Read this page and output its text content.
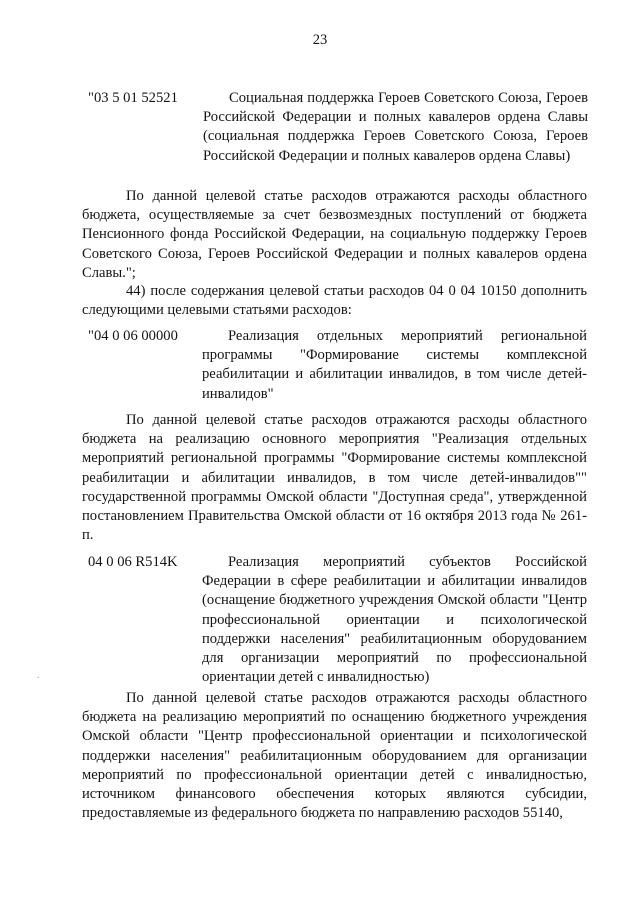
23
"03 5 01 52521	Социальная поддержка Героев Советского Союза, Героев Российской Федерации и полных кавалеров ордена Славы (социальная поддержка Героев Советского Союза, Героев Российской Федерации и полных кавалеров ордена Славы)
По данной целевой статье расходов отражаются расходы областного бюджета, осуществляемые за счет безвозмездных поступлений от бюджета Пенсионного фонда Российской Федерации, на социальную поддержку Героев Советского Союза, Героев Российской Федерации и полных кавалеров ордена Славы.";
44) после содержания целевой статьи расходов 04 0 04 10150 дополнить следующими целевыми статьями расходов:
"04 0 06 00000	Реализация отдельных мероприятий региональной программы "Формирование системы комплексной реабилитации и абилитации инвалидов, в том числе детей-инвалидов"
По данной целевой статье расходов отражаются расходы областного бюджета на реализацию основного мероприятия "Реализация отдельных мероприятий региональной программы "Формирование системы комплексной реабилитации и абилитации инвалидов, в том числе детей-инвалидов"" государственной программы Омской области "Доступная среда", утвержденной постановлением Правительства Омской области от 16 октября 2013 года № 261-п.
04 0 06 R514K	Реализация мероприятий субъектов Российской Федерации в сфере реабилитации и абилитации инвалидов (оснащение бюджетного учреждения Омской области "Центр профессиональной ориентации и психологической поддержки населения" реабилитационным оборудованием для организации мероприятий по профессиональной ориентации детей с инвалидностью)
.
По данной целевой статье расходов отражаются расходы областного бюджета на реализацию мероприятий по оснащению бюджетного учреждения Омской области "Центр профессиональной ориентации и психологической поддержки населения" реабилитационным оборудованием для организации мероприятий по профессиональной ориентации детей с инвалидностью, источником финансового обеспечения которых являются субсидии, предоставляемые из федерального бюджета по направлению расходов 55140,
